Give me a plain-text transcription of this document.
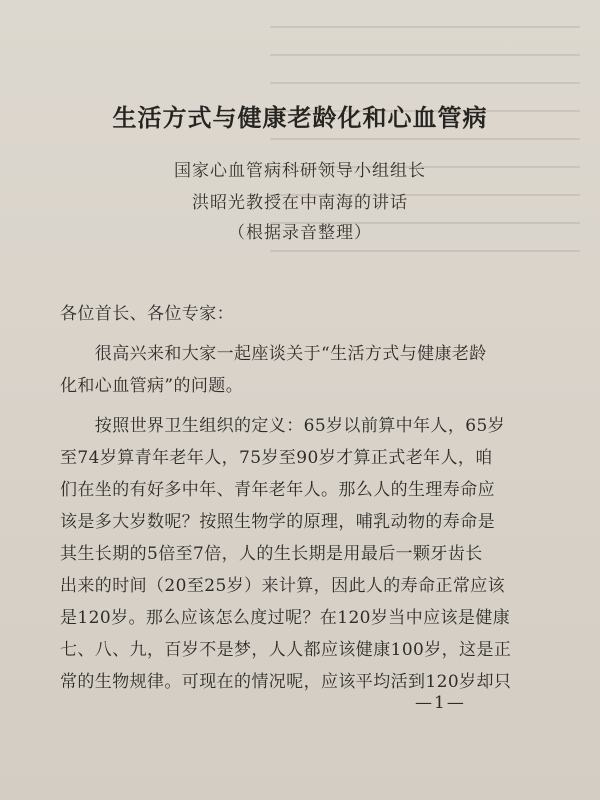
生活方式与健康老龄化和心血管病
国家心血管病科研领导小组组长
洪昭光教授在中南海的讲话
（根据录音整理）
各位首长、各位专家：
　　很高兴来和大家一起座谈关于“生活方式与健康老龄
化和心血管病”的问题。
　　按照世界卫生组织的定义：65岁以前算中年人，65岁
至74岁算青年老年人，75岁至90岁才算正式老年人，咱
们在坐的有好多中年、青年老年人。那么人的生理寿命应
该是多大岁数呢？按照生物学的原理，哺乳动物的寿命是
其生长期的5倍至7倍，人的生长期是用最后一颗牙齿长
出来的时间（20至25岁）来计算，因此人的寿命正常应该
是120岁。那么应该怎么度过呢？在120岁当中应该是健康
七、八、九，百岁不是梦，人人都应该健康100岁，这是正
常的生物规律。可现在的情况呢，应该平均活到120岁却只
—1—
